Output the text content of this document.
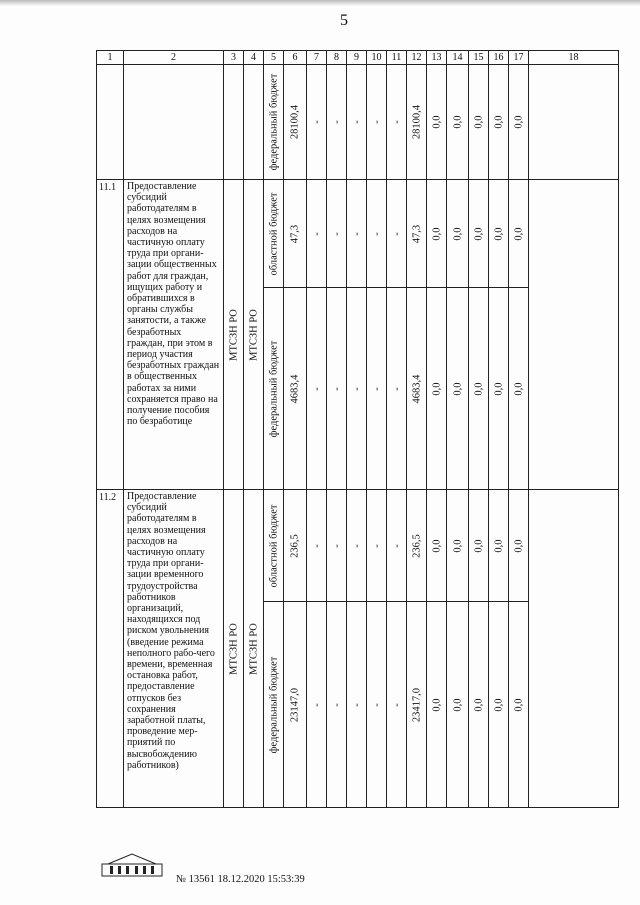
5
1	2	3	4	5	6	7	8	9	10	11	12	13	14	15	16	17	18

				федеральный бюджет	28100,4	-	-	-	-	-	28100,4	0,0	0,0	0,0	0,0	0,0	

11.1	Предоставление субсидий работодателям в целях возмещения расходов на частичную оплату труда при органи-зации общественных работ для граждан, ищущих работу и обратившихся в органы службы занятости, а также безработных граждан, при этом в период участия безработных граждан в общественных работах за ними сохраняется право на получение пособия по безработице	МТСЗН РО	МТСЗН РО	областной бюджет	47,3	-	-	-	-	-	47,3	0,0	0,0	0,0	0,0	0,0	

				федеральный бюджет	4683,4	-	-	-	-	-	4683,4	0,0	0,0	0,0	0,0	0,0	

11.2	Предоставление субсидий работодателям в целях возмещения расходов на частичную оплату труда при органи-зации временного трудоустройства работников организаций, находящихся под риском увольнения (введение режима неполного рабо-чего времени, временная остановка работ, предоставление отпусков без сохранения заработной платы, проведение мер-приятий по высвобождению работников)	МТСЗН РО	МТСЗН РО	областной бюджет	236,5	-	-	-	-	-	236,5	0,0	0,0	0,0	0,0	0,0	

				федеральный бюджет	23147,0	-	-	-	-	-	23417,0	0,0	0,0	0,0	0,0	0,0	
№ 13561 18.12.2020 15:53:39
